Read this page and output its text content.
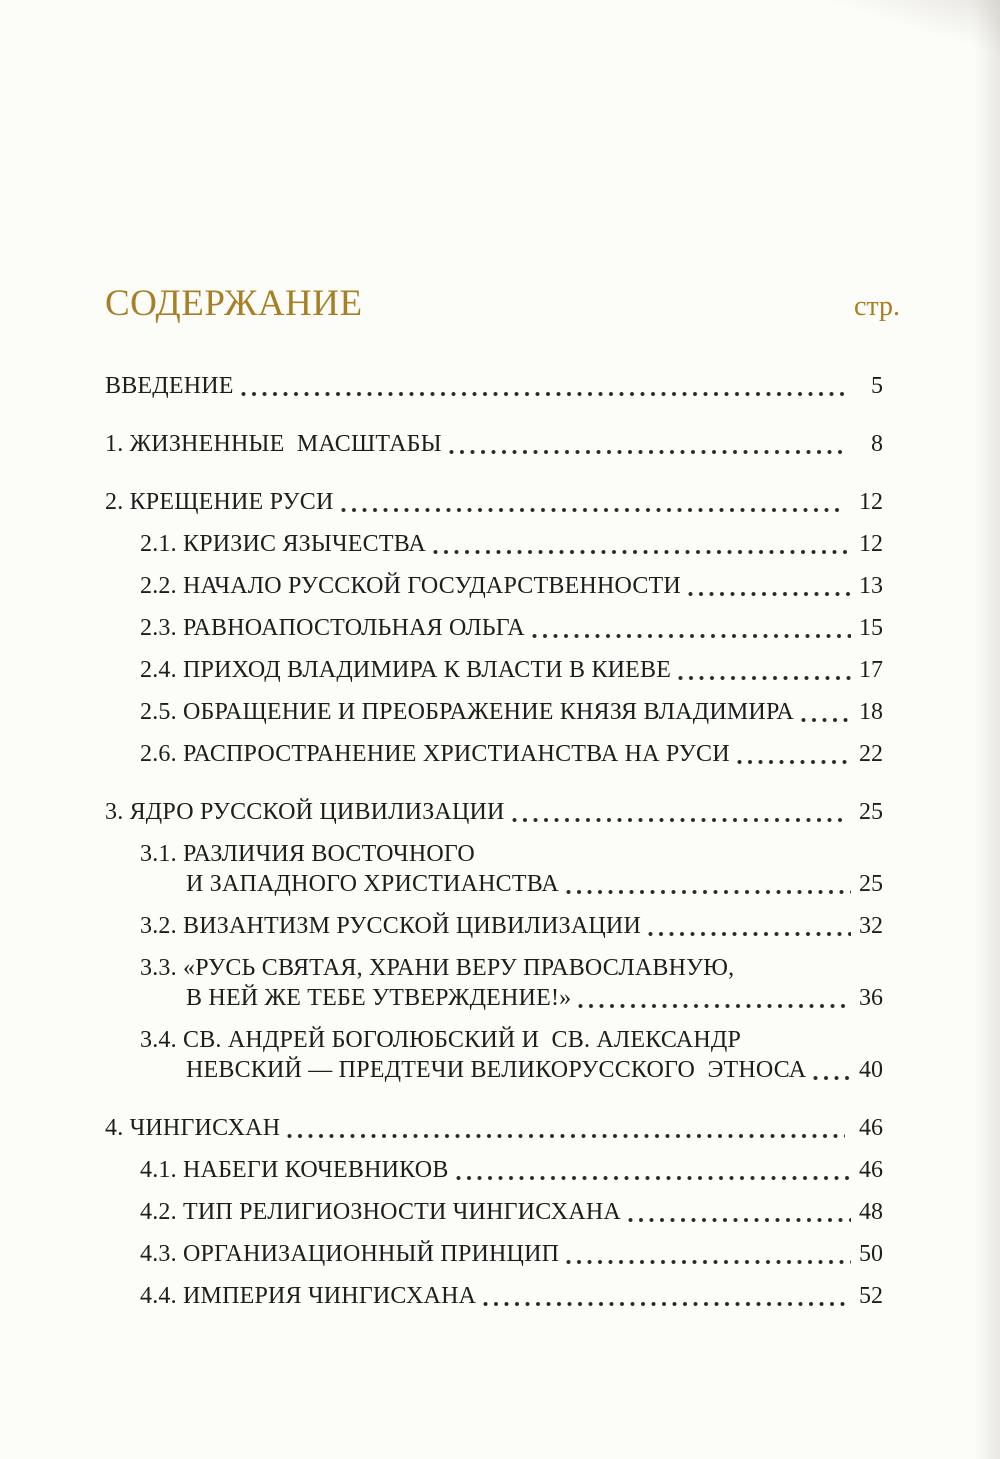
СОДЕРЖАНИЕ	стр.
ВВЕДЕНИЕ	5
1. ЖИЗНЕННЫЕ  МАСШТАБЫ	8
2. КРЕЩЕНИЕ РУСИ	12
2.1. КРИЗИС ЯЗЫЧЕСТВА	12
2.2. НАЧАЛО РУССКОЙ ГОСУДАРСТВЕННОСТИ	13
2.3. РАВНОАПОСТОЛЬНАЯ ОЛЬГА	15
2.4. ПРИХОД ВЛАДИМИРА К ВЛАСТИ В КИЕВЕ	17
2.5. ОБРАЩЕНИЕ И ПРЕОБРАЖЕНИЕ КНЯЗЯ ВЛАДИМИРА	18
2.6. РАСПРОСТРАНЕНИЕ ХРИСТИАНСТВА НА РУСИ	22
3. ЯДРО РУССКОЙ ЦИВИЛИЗАЦИИ	25
3.1. РАЗЛИЧИЯ ВОСТОЧНОГО
И ЗАПАДНОГО ХРИСТИАНСТВА	25
3.2. ВИЗАНТИЗМ РУССКОЙ ЦИВИЛИЗАЦИИ	32
3.3. «РУСЬ СВЯТАЯ, ХРАНИ ВЕРУ ПРАВОСЛАВНУЮ,
В НЕЙ ЖЕ ТЕБЕ УТВЕРЖДЕНИЕ!»	36
3.4. СВ. АНДРЕЙ БОГОЛЮБСКИЙ И  СВ. АЛЕКСАНДР
НЕВСКИЙ — ПРЕДТЕЧИ ВЕЛИКОРУССКОГО  ЭТНОСА 40
4. ЧИНГИСХАН	46
4.1. НАБЕГИ КОЧЕВНИКОВ	46
4.2. ТИП РЕЛИГИОЗНОСТИ ЧИНГИСХАНА	48
4.3. ОРГАНИЗАЦИОННЫЙ ПРИНЦИП	50
4.4. ИМПЕРИЯ ЧИНГИСХАНА	52
